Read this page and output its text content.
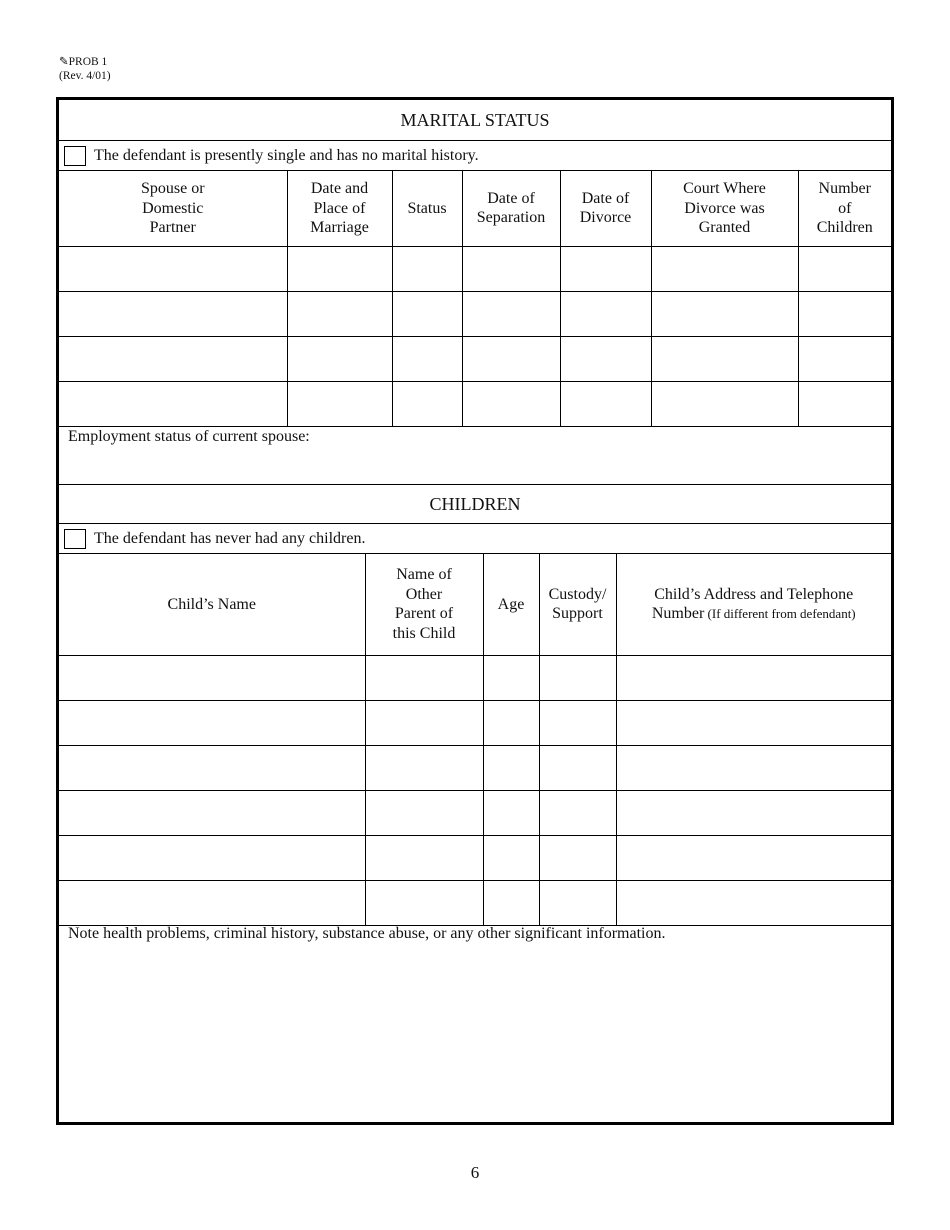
✎PROB 1
(Rev. 4/01)
MARITAL STATUS
The defendant is presently single and has no marital history.
Spouse or
Domestic
Partner	Date and
Place of
Marriage	Status	Date of
Separation	Date of
Divorce	Court Where
Divorce was
Granted	Number
of
Children

Employment status of current spouse:
CHILDREN
The defendant has never had any children.
Child’s Name	Name of
Other
Parent of
this Child	Age	Custody/
Support	Child’s Address and Telephone
Number (If different from defendant)

Note health problems, criminal history, substance abuse, or any other significant information.
6
